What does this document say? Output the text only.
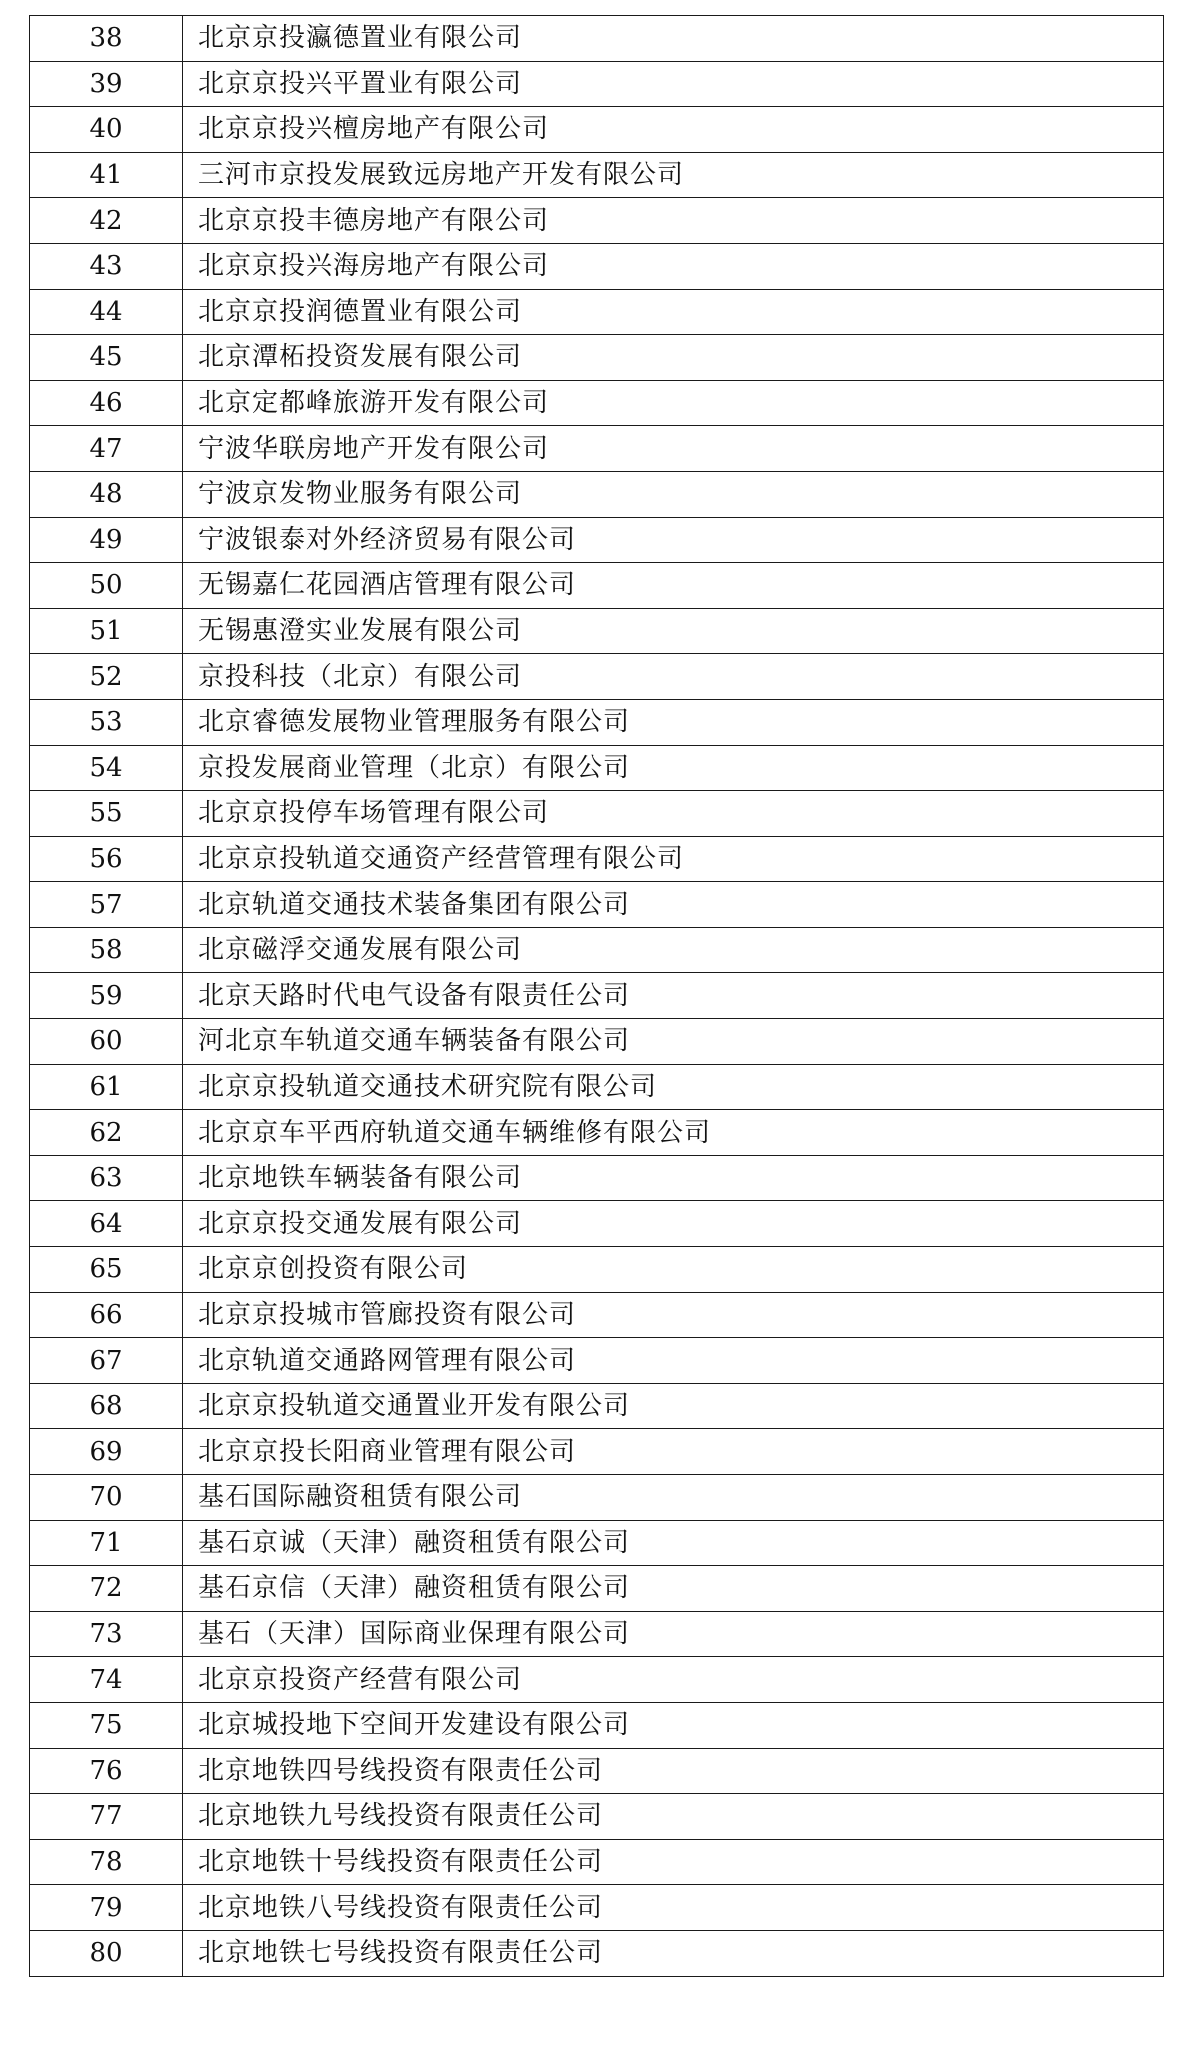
38	北京京投瀛德置业有限公司
39	北京京投兴平置业有限公司
40	北京京投兴檀房地产有限公司
41	三河市京投发展致远房地产开发有限公司
42	北京京投丰德房地产有限公司
43	北京京投兴海房地产有限公司
44	北京京投润德置业有限公司
45	北京潭柘投资发展有限公司
46	北京定都峰旅游开发有限公司
47	宁波华联房地产开发有限公司
48	宁波京发物业服务有限公司
49	宁波银泰对外经济贸易有限公司
50	无锡嘉仁花园酒店管理有限公司
51	无锡惠澄实业发展有限公司
52	京投科技（北京）有限公司
53	北京睿德发展物业管理服务有限公司
54	京投发展商业管理（北京）有限公司
55	北京京投停车场管理有限公司
56	北京京投轨道交通资产经营管理有限公司
57	北京轨道交通技术装备集团有限公司
58	北京磁浮交通发展有限公司
59	北京天路时代电气设备有限责任公司
60	河北京车轨道交通车辆装备有限公司
61	北京京投轨道交通技术研究院有限公司
62	北京京车平西府轨道交通车辆维修有限公司
63	北京地铁车辆装备有限公司
64	北京京投交通发展有限公司
65	北京京创投资有限公司
66	北京京投城市管廊投资有限公司
67	北京轨道交通路网管理有限公司
68	北京京投轨道交通置业开发有限公司
69	北京京投长阳商业管理有限公司
70	基石国际融资租赁有限公司
71	基石京诚（天津）融资租赁有限公司
72	基石京信（天津）融资租赁有限公司
73	基石（天津）国际商业保理有限公司
74	北京京投资产经营有限公司
75	北京城投地下空间开发建设有限公司
76	北京地铁四号线投资有限责任公司
77	北京地铁九号线投资有限责任公司
78	北京地铁十号线投资有限责任公司
79	北京地铁八号线投资有限责任公司
80	北京地铁七号线投资有限责任公司
